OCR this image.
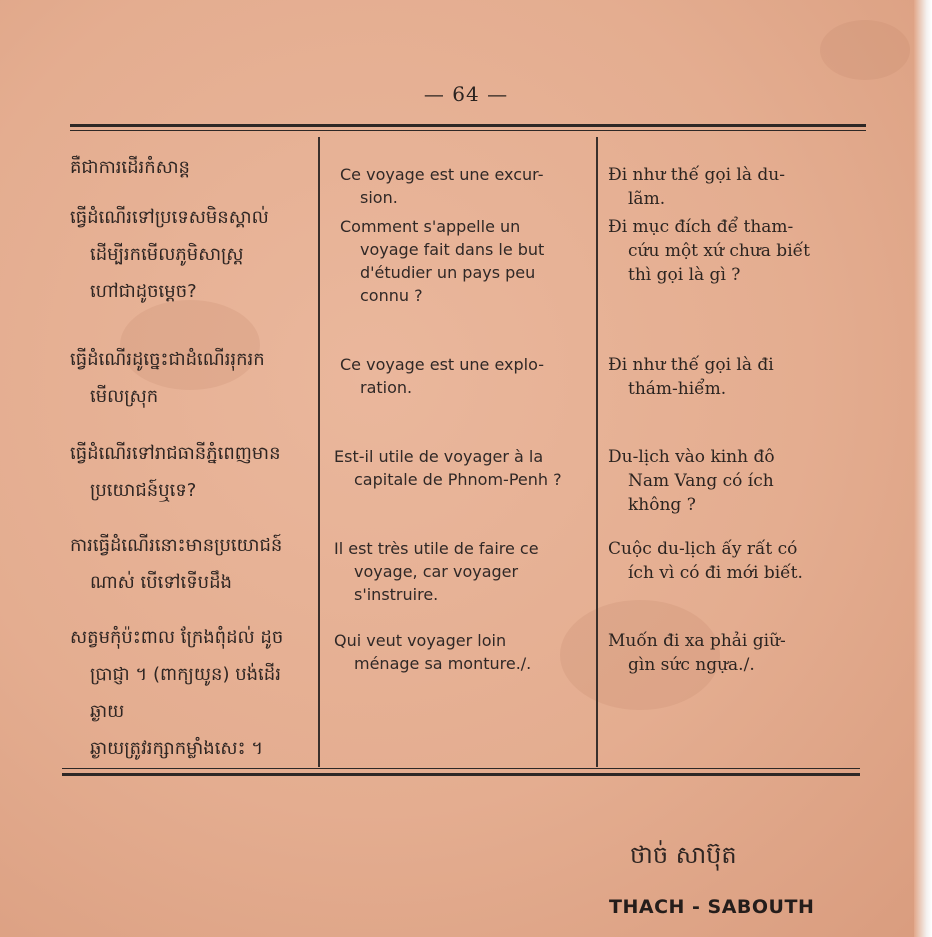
— 64 —
គឺជាការដើរកំសាន្ត	Ce voyage est une excur-
sion.
Đi như thế gọi là du-
lãm.
ធ្វើដំណើរទៅប្រទេសមិនស្គាល់
ដើម្បីរកមើលភូមិសាស្ត្រ
ហៅជាដូចម្ដេច?
Comment s'appelle un
voyage fait dans le but
d'étudier un pays peu
connu ?
Đi mục đích để tham-
cứu một xứ chưa biết
thì gọi là gì ?
ធ្វើដំណើរដូច្នេះជាដំណើររុករក
មើលស្រុក
Ce voyage est une explo-
ration.
Đi như thế gọi là đi
thám-hiểm.
ធ្វើដំណើរទៅរាជធានីភ្នំពេញមាន
ប្រយោជន៍ឬទេ?
Est-il utile de voyager à la
capitale de Phnom-Penh ?
Du-lịch vào kinh đô
Nam Vang có ích
không ?
ការធ្វើដំណើរនោះមានប្រយោជន៍
ណាស់ បើទៅទើបដឹង
Il est très utile de faire ce
voyage, car voyager
s'instruire.
Cuộc du-lịch ấy rất có
ích vì có đi mới biết.
សត្វមកុំប៉ះពាល ក្រែងពុំដល់ ដូច
ប្រាជ្ញា ។ (ពាក្យយូន) បង់ដើរឆ្ងាយ
ឆ្ងាយត្រូវរក្សាកម្លាំងសេះ ។
Qui veut voyager loin
ménage sa monture./.
Muốn đi xa phải giữ-
gìn sức ngựa./.
ថាច់ សាប៊ុត
THACH - SABOUTH
